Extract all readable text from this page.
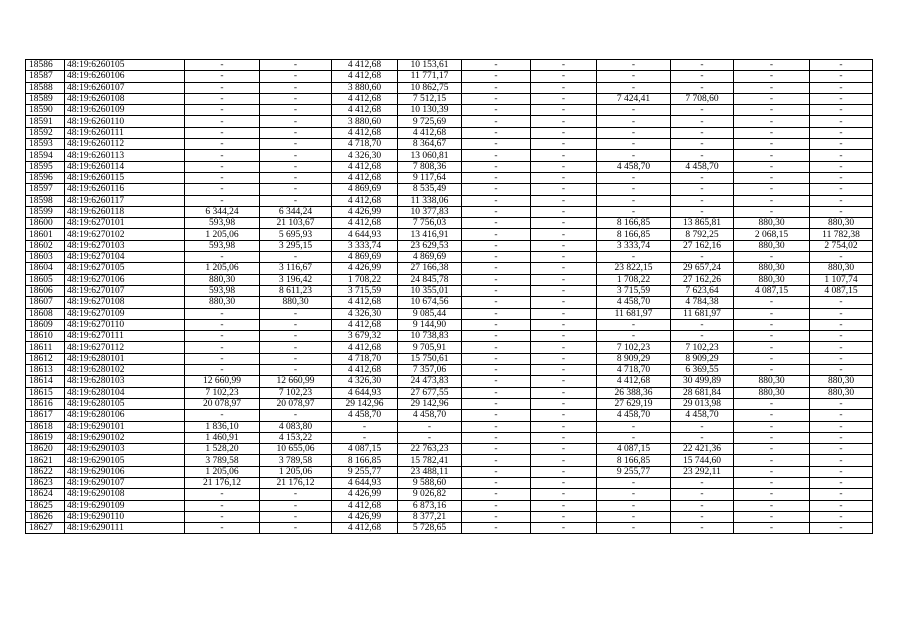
18586	48:19:6260105	-	-	4 412,68	10 153,61	-	-	-	-	-	-
18587	48:19:6260106	-	-	4 412,68	11 771,17	-	-	-	-	-	-
18588	48:19:6260107	-	-	3 880,60	10 862,75	-	-	-	-	-	-
18589	48:19:6260108	-	-	4 412,68	7 512,15	-	-	7 424,41	7 708,60	-	-
18590	48:19:6260109	-	-	4 412,68	10 130,39	-	-	-	-	-	-
18591	48:19:6260110	-	-	3 880,60	9 725,69	-	-	-	-	-	-
18592	48:19:6260111	-	-	4 412,68	4 412,68	-	-	-	-	-	-
18593	48:19:6260112	-	-	4 718,70	8 364,67	-	-	-	-	-	-
18594	48:19:6260113	-	-	4 326,30	13 060,81	-	-	-	-	-	-
18595	48:19:6260114	-	-	4 412,68	7 808,36	-	-	4 458,70	4 458,70	-	-
18596	48:19:6260115	-	-	4 412,68	9 117,64	-	-	-	-	-	-
18597	48:19:6260116	-	-	4 869,69	8 535,49	-	-	-	-	-	-
18598	48:19:6260117	-	-	4 412,68	11 338,06	-	-	-	-	-	-
18599	48:19:6260118	6 344,24	6 344,24	4 426,99	10 377,83	-	-	-	-	-	-
18600	48:19:6270101	593,98	21 103,67	4 412,68	7 756,03	-	-	8 166,85	13 865,81	880,30	880,30
18601	48:19:6270102	1 205,06	5 695,93	4 644,93	13 416,91	-	-	8 166,85	8 792,25	2 068,15	11 782,38
18602	48:19:6270103	593,98	3 295,15	3 333,74	23 629,53	-	-	3 333,74	27 162,16	880,30	2 754,02
18603	48:19:6270104	-	-	4 869,69	4 869,69	-	-	-	-	-	-
18604	48:19:6270105	1 205,06	3 116,67	4 426,99	27 166,38	-	-	23 822,15	29 657,24	880,30	880,30
18605	48:19:6270106	880,30	3 196,42	1 708,22	24 845,78	-	-	1 708,22	27 162,26	880,30	1 107,74
18606	48:19:6270107	593,98	8 611,23	3 715,59	10 355,01	-	-	3 715,59	7 623,64	4 087,15	4 087,15
18607	48:19:6270108	880,30	880,30	4 412,68	10 674,56	-	-	4 458,70	4 784,38	-	-
18608	48:19:6270109	-	-	4 326,30	9 085,44	-	-	11 681,97	11 681,97	-	-
18609	48:19:6270110	-	-	4 412,68	9 144,90	-	-	-	-	-	-
18610	48:19:6270111	-	-	3 679,32	10 738,83	-	-	-	-	-	-
18611	48:19:6270112	-	-	4 412,68	9 705,91	-	-	7 102,23	7 102,23	-	-
18612	48:19:6280101	-	-	4 718,70	15 750,61	-	-	8 909,29	8 909,29	-	-
18613	48:19:6280102	-	-	4 412,68	7 357,06	-	-	4 718,70	6 369,55	-	-
18614	48:19:6280103	12 660,99	12 660,99	4 326,30	24 473,83	-	-	4 412,68	30 499,89	880,30	880,30
18615	48:19:6280104	7 102,23	7 102,23	4 644,93	27 677,55	-	-	26 388,36	28 681,84	880,30	880,30
18616	48:19:6280105	20 078,97	20 078,97	29 142,96	29 142,96	-	-	27 629,19	29 013,98	-	-
18617	48:19:6280106	-	-	4 458,70	4 458,70	-	-	4 458,70	4 458,70	-	-
18618	48:19:6290101	1 836,10	4 083,80	-	-	-	-	-	-	-	-
18619	48:19:6290102	1 460,91	4 153,22	-	-	-	-	-	-	-	-
18620	48:19:6290103	1 528,20	10 655,06	4 087,15	22 763,23	-	-	4 087,15	22 421,36	-	-
18621	48:19:6290105	3 789,58	3 789,58	8 166,85	15 782,41	-	-	8 166,85	15 744,60	-	-
18622	48:19:6290106	1 205,06	1 205,06	9 255,77	23 488,11	-	-	9 255,77	23 292,11	-	-
18623	48:19:6290107	21 176,12	21 176,12	4 644,93	9 588,60	-	-	-	-	-	-
18624	48:19:6290108	-	-	4 426,99	9 026,82	-	-	-	-	-	-
18625	48:19:6290109	-	-	4 412,68	6 873,16	-	-	-	-	-	-
18626	48:19:6290110	-	-	4 426,99	8 377,21	-	-	-	-	-	-
18627	48:19:6290111	-	-	4 412,68	5 728,65	-	-	-	-	-	-
